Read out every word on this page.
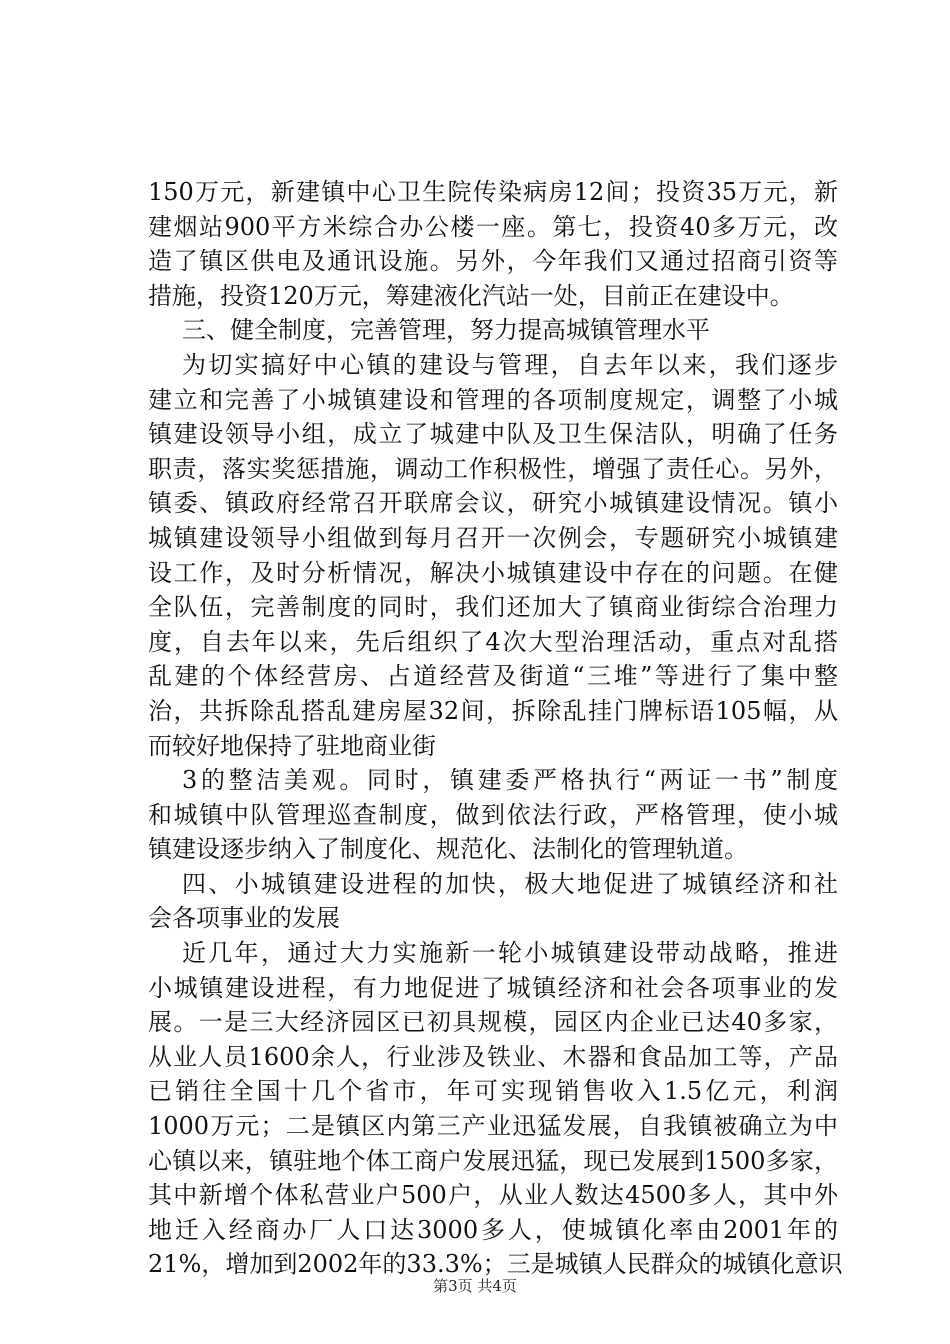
150万元，新建镇中心卫生院传染病房12间；投资35万元，新
建烟站900平方米综合办公楼一座。第七，投资40多万元，改
造了镇区供电及通讯设施。另外，今年我们又通过招商引资等
措施，投资120万元，筹建液化汽站一处，目前正在建设中。
三、健全制度，完善管理，努力提高城镇管理水平
为切实搞好中心镇的建设与管理，自去年以来，我们逐步
建立和完善了小城镇建设和管理的各项制度规定，调整了小城
镇建设领导小组，成立了城建中队及卫生保洁队，明确了任务
职责，落实奖惩措施，调动工作积极性，增强了责任心。另外，
镇委、镇政府经常召开联席会议，研究小城镇建设情况。镇小
城镇建设领导小组做到每月召开一次例会，专题研究小城镇建
设工作，及时分析情况，解决小城镇建设中存在的问题。在健
全队伍，完善制度的同时，我们还加大了镇商业街综合治理力
度，自去年以来，先后组织了4次大型治理活动，重点对乱搭
乱建的个体经营房、占道经营及街道“三堆”等进行了集中整
治，共拆除乱搭乱建房屋32间，拆除乱挂门牌标语105幅，从
而较好地保持了驻地商业街
3的整洁美观。同时，镇建委严格执行“两证一书”制度
和城镇中队管理巡查制度，做到依法行政，严格管理，使小城
镇建设逐步纳入了制度化、规范化、法制化的管理轨道。
四、小城镇建设进程的加快，极大地促进了城镇经济和社
会各项事业的发展
近几年，通过大力实施新一轮小城镇建设带动战略，推进
小城镇建设进程，有力地促进了城镇经济和社会各项事业的发
展。一是三大经济园区已初具规模，园区内企业已达40多家，
从业人员1600余人，行业涉及铁业、木器和食品加工等，产品
已销往全国十几个省市，年可实现销售收入1.5亿元，利润
1000万元；二是镇区内第三产业迅猛发展，自我镇被确立为中
心镇以来，镇驻地个体工商户发展迅猛，现已发展到1500多家，
其中新增个体私营业户500户，从业人数达4500多人，其中外
地迁入经商办厂人口达3000多人，使城镇化率由2001年的
21%，增加到2002年的33.3%；三是城镇人民群众的城镇化意识
第3页 共4页
